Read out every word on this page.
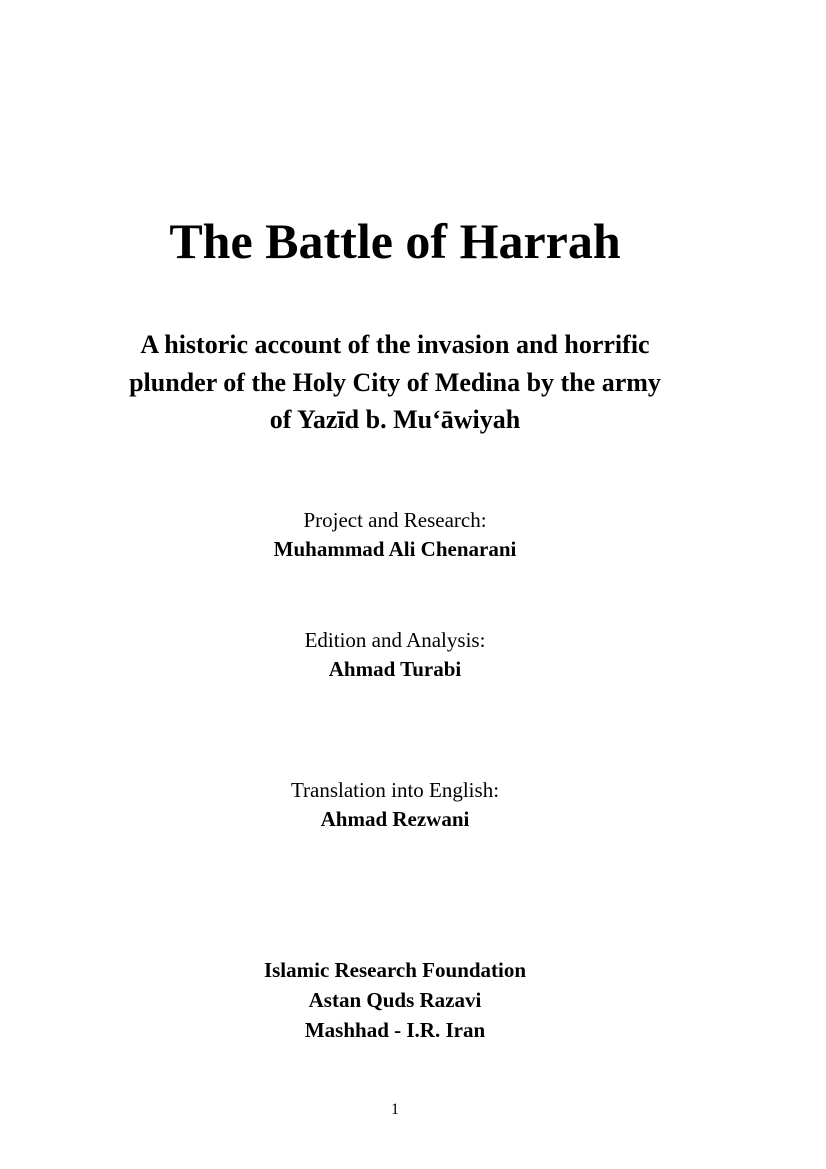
The Battle of Harrah
A historic account of the invasion and horrific
plunder of the Holy City of Medina by the army
of Yazīd b. Mu‘āwiyah
Project and Research:
Muhammad Ali Chenarani
Edition and Analysis:
Ahmad Turabi
Translation into English:
Ahmad Rezwani
Islamic Research Foundation
Astan Quds Razavi
Mashhad - I.R. Iran
1
